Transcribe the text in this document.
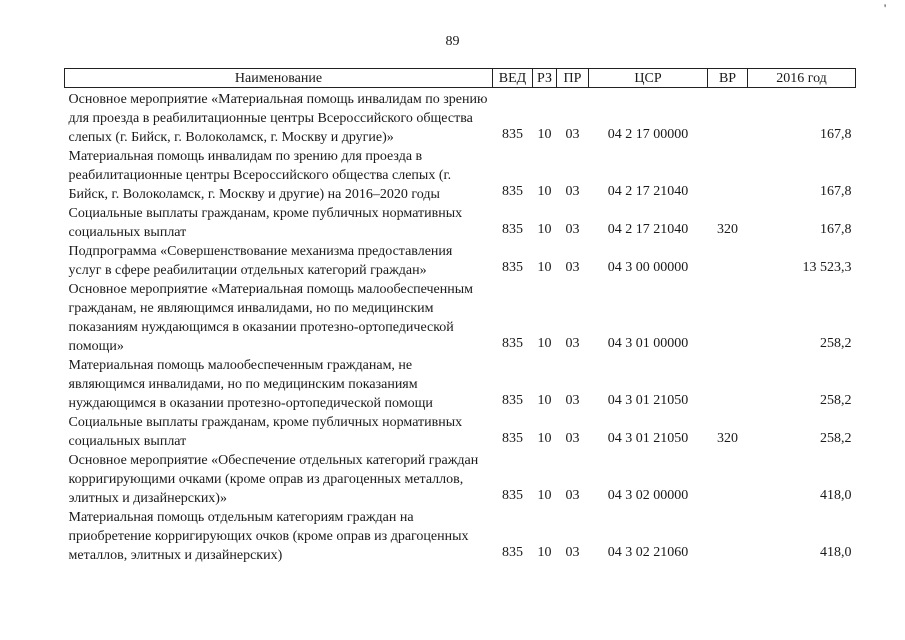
'
89
Наименование	ВЕД	РЗ	ПР	ЦСР	ВР	2016 год
Основное мероприятие «Материальная помощь инвалидам по зрению для проезда в реабилитационные центры Всероссийского общества слепых (г. Бийск, г. Волоколамск, г. Москву и другие)»	835	10	03	04 2 17 00000		167,8
Материальная помощь инвалидам по зрению для проезда в реабилитационные центры Всероссийского общества слепых (г. Бийск, г. Волоколамск, г. Москву и другие) на 2016–2020 годы	835	10	03	04 2 17 21040		167,8
Социальные выплаты гражданам, кроме публичных нормативных социальных выплат	835	10	03	04 2 17 21040	320	167,8
Подпрограмма «Совершенствование механизма предоставления услуг в сфере реабилитации отдельных категорий граждан»	835	10	03	04 3 00 00000		13 523,3
Основное мероприятие «Материальная помощь малообеспеченным гражданам, не являющимся инвалидами, но по медицинским показаниям нуждающимся в оказании протезно-ортопедической помощи»	835	10	03	04 3 01 00000		258,2
Материальная помощь малообеспеченным гражданам, не являющимся инвалидами, но по медицинским показаниям нуждающимся в оказании протезно-ортопедической помощи	835	10	03	04 3 01 21050		258,2
Социальные выплаты гражданам, кроме публичных нормативных социальных выплат	835	10	03	04 3 01 21050	320	258,2
Основное мероприятие «Обеспечение отдельных категорий граждан корригирующими очками (кроме оправ из драгоценных металлов, элитных и дизайнерских)»	835	10	03	04 3 02 00000		418,0
Материальная помощь отдельным категориям граждан на приобретение корригирующих очков (кроме оправ из драгоценных металлов, элитных и дизайнерских)	835	10	03	04 3 02 21060		418,0
